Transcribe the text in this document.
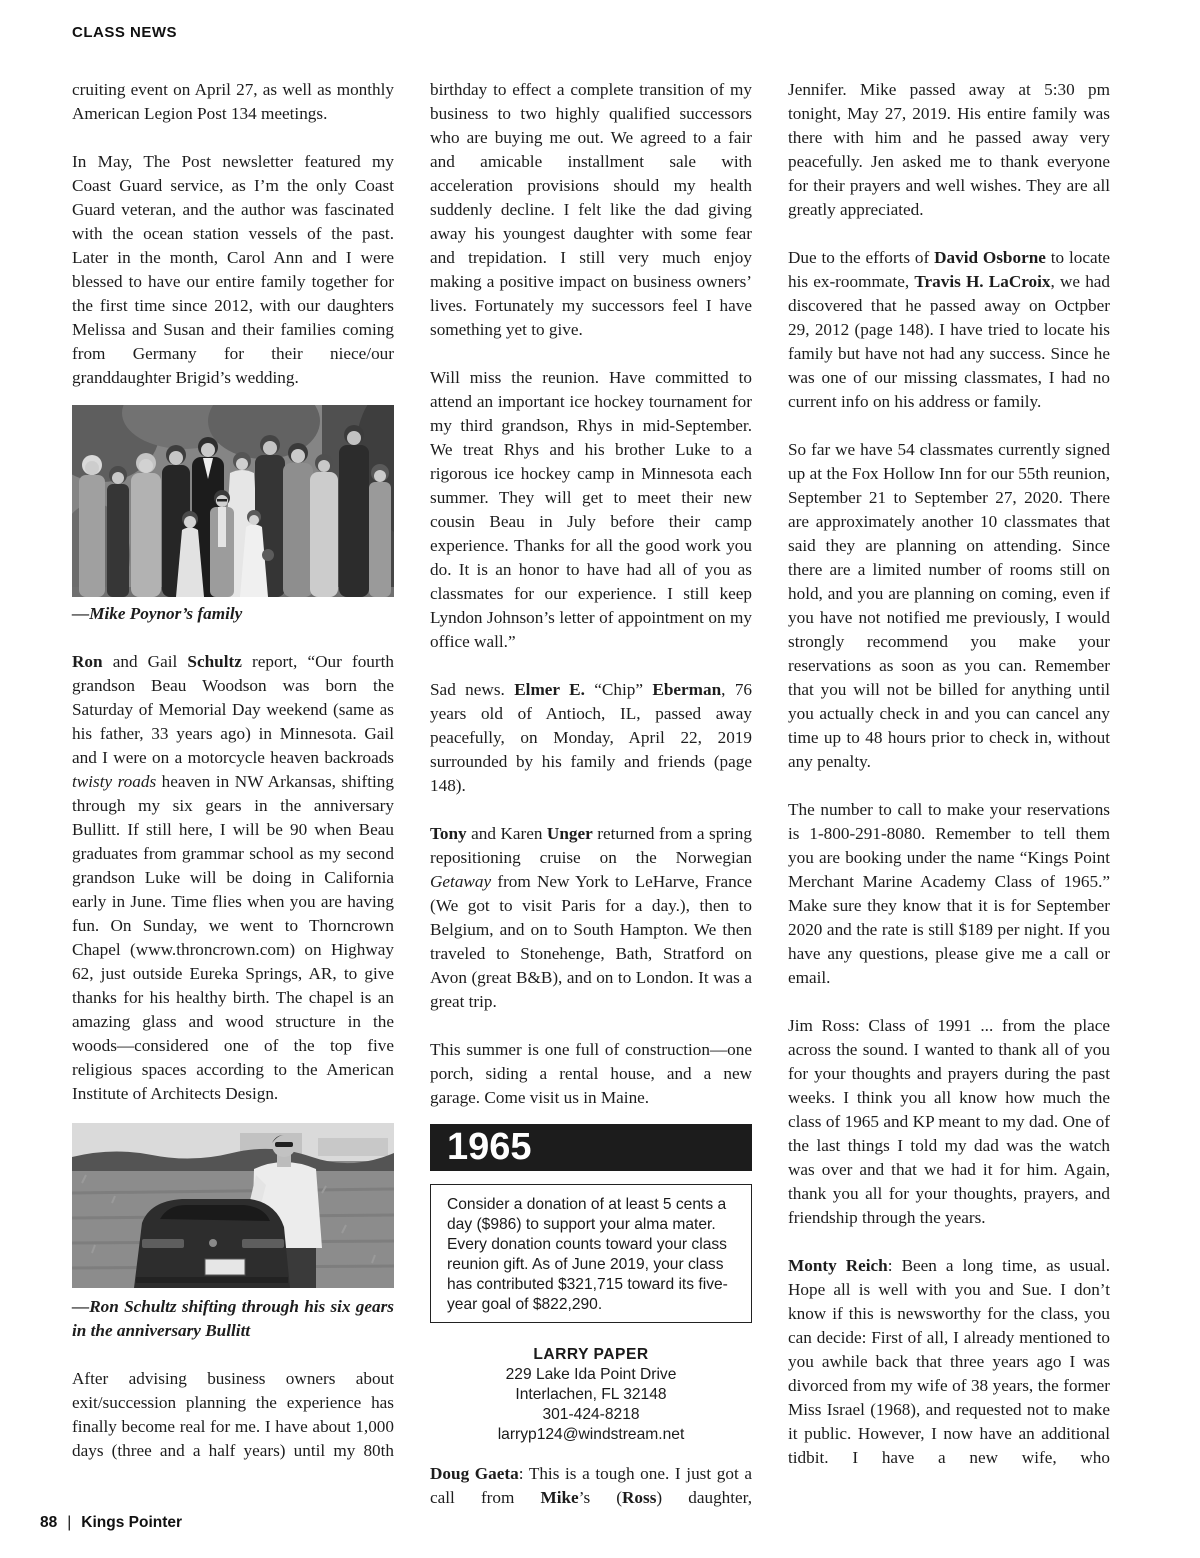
CLASS NEWS

cruiting event on April 27, as well as monthly American Legion Post 134 meetings.

In May, The Post newsletter featured my Coast Guard service, as I’m the only Coast Guard veteran, and the author was fascinated with the ocean station vessels of the past. Later in the month, Carol Ann and I were blessed to have our entire family together for the first time since 2012, with our daughters Melissa and Susan and their families coming from Germany for their niece/our granddaughter Brigid’s wedding.

—Mike Poynor’s family

Ron and Gail Schultz report, “Our fourth grandson Beau Woodson was born the Saturday of Memorial Day weekend (same as his father, 33 years ago) in Minnesota. Gail and I were on a motorcycle heaven backroads twisty roads heaven in NW Arkansas, shifting through my six gears in the anniversary Bullitt. If still here, I will be 90 when Beau graduates from grammar school as my second grandson Luke will be doing in California early in June. Time flies when you are having fun. On Sunday, we went to Thorncrown Chapel (www.throncrown.com) on Highway 62, just outside Eureka Springs, AR, to give thanks for his healthy birth. The chapel is an amazing glass and wood structure in the woods—considered one of the top five religious spaces according to the American Institute of Architects Design.

—Ron Schultz shifting through his six gears in the anniversary Bullitt

After advising business owners about exit/succession planning the experience has finally become real for me. I have about 1,000 days (three and a half years) until my 80th

birthday to effect a complete transition of my business to two highly qualified successors who are buying me out. We agreed to a fair and amicable installment sale with acceleration provisions should my health suddenly decline. I felt like the dad giving away his youngest daughter with some fear and trepidation. I still very much enjoy making a positive impact on business owners’ lives. Fortunately my successors feel I have something yet to give.

Will miss the reunion. Have committed to attend an important ice hockey tournament for my third grandson, Rhys in mid-September. We treat Rhys and his brother Luke to a rigorous ice hockey camp in Minnesota each summer. They will get to meet their new cousin Beau in July before their camp experience. Thanks for all the good work you do. It is an honor to have had all of you as classmates for our experience. I still keep Lyndon Johnson’s letter of appointment on my office wall.”

Sad news. Elmer E. “Chip” Eberman, 76 years old of Antioch, IL, passed away peacefully, on Monday, April 22, 2019 surrounded by his family and friends (page 148).

Tony and Karen Unger returned from a spring repositioning cruise on the Norwegian Getaway from New York to LeHarve, France (We got to visit Paris for a day.), then to Belgium, and on to South Hampton. We then traveled to Stonehenge, Bath, Stratford on Avon (great B&B), and on to London. It was a great trip.

This summer is one full of construction—one porch, siding a rental house, and a new garage. Come visit us in Maine.

1965
Consider a donation of at least 5 cents a day ($986) to support your alma mater. Every donation counts toward your class reunion gift. As of June 2019, your class has contributed $321,715 toward its five-year goal of $822,290.
LARRY PAPER
229 Lake Ida Point Drive
Interlachen, FL 32148
301-424-8218
larryp124@windstream.net

Doug Gaeta: This is a tough one. I just got a call from Mike’s (Ross) daughter,

Jennifer. Mike passed away at 5:30 pm tonight, May 27, 2019. His entire family was there with him and he passed away very peacefully. Jen asked me to thank everyone for their prayers and well wishes. They are all greatly appreciated.

Due to the efforts of David Osborne to locate his ex-roommate, Travis H. LaCroix, we had discovered that he passed away on Octpber 29, 2012 (page 148). I have tried to locate his family but have not had any success. Since he was one of our missing classmates, I had no current info on his address or family.

So far we have 54 classmates currently signed up at the Fox Hollow Inn for our 55th reunion, September 21 to September 27, 2020. There are approximately another 10 classmates that said they are planning on attending. Since there are a limited number of rooms still on hold, and you are planning on coming, even if you have not notified me previously, I would strongly recommend you make your reservations as soon as you can. Remember that you will not be billed for anything until you actually check in and you can cancel any time up to 48 hours prior to check in, without any penalty.

The number to call to make your reservations is 1-800-291-8080. Remember to tell them you are booking under the name “Kings Point Merchant Marine Academy Class of 1965.” Make sure they know that it is for September 2020 and the rate is still $189 per night. If you have any questions, please give me a call or email.

Jim Ross: Class of 1991 ... from the place across the sound. I wanted to thank all of you for your thoughts and prayers during the past weeks. I think you all know how much the class of 1965 and KP meant to my dad. One of the last things I told my dad was the watch was over and that we had it for him. Again, thank you all for your thoughts, prayers, and friendship through the years.

Monty Reich: Been a long time, as usual. Hope all is well with you and Sue. I don’t know if this is newsworthy for the class, you can decide: First of all, I already mentioned to you awhile back that three years ago I was divorced from my wife of 38 years, the former Miss Israel (1968), and requested not to make it public. However, I now have an additional tidbit. I have a new wife, who

88 | Kings Pointer
